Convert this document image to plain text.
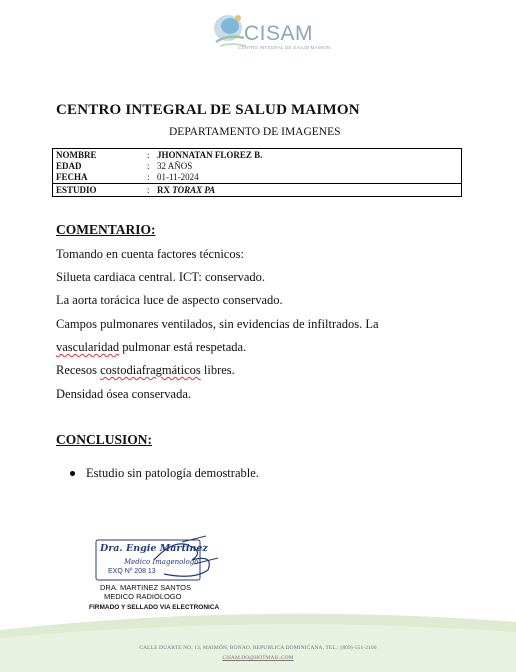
CISAM
CENTRO INTEGRAL DE SALUD MAIMON
CENTRO INTEGRAL DE SALUD MAIMON
DEPARTAMENTO DE IMAGENES
NOMBRE	: JHONNATAN FLOREZ B.
EDAD	: 32 AÑOS
FECHA	: 01-11-2024
ESTUDIO	: RX TORAX PA
COMENTARIO:
Tomando en cuenta factores técnicos:
Silueta cardiaca central. ICT: conservado.
La aorta torácica luce de aspecto conservado.
Campos pulmonares ventilados, sin evidencias de infiltrados. La
vascularidad pulmonar está respetada.
Recesos costodiafragmáticos libres.
Densidad ósea conservada.
CONCLUSION:
Estudio sin patología demostrable.
Dra. Engie Martinez
Medico Imagenologo
EXQ Nº 208 13
DRA. MARTINEZ SANTOS
MEDICO RADIOLOGO
FIRMADO Y SELLADO VIA ELECTRONICA
CALLE DUARTE NO. 13, MAIMÓN, BONAO, REPUBLICA DOMINICANA, TEL.: (809)-551-2106
CISAM.DO@HOTMAIL.COM
